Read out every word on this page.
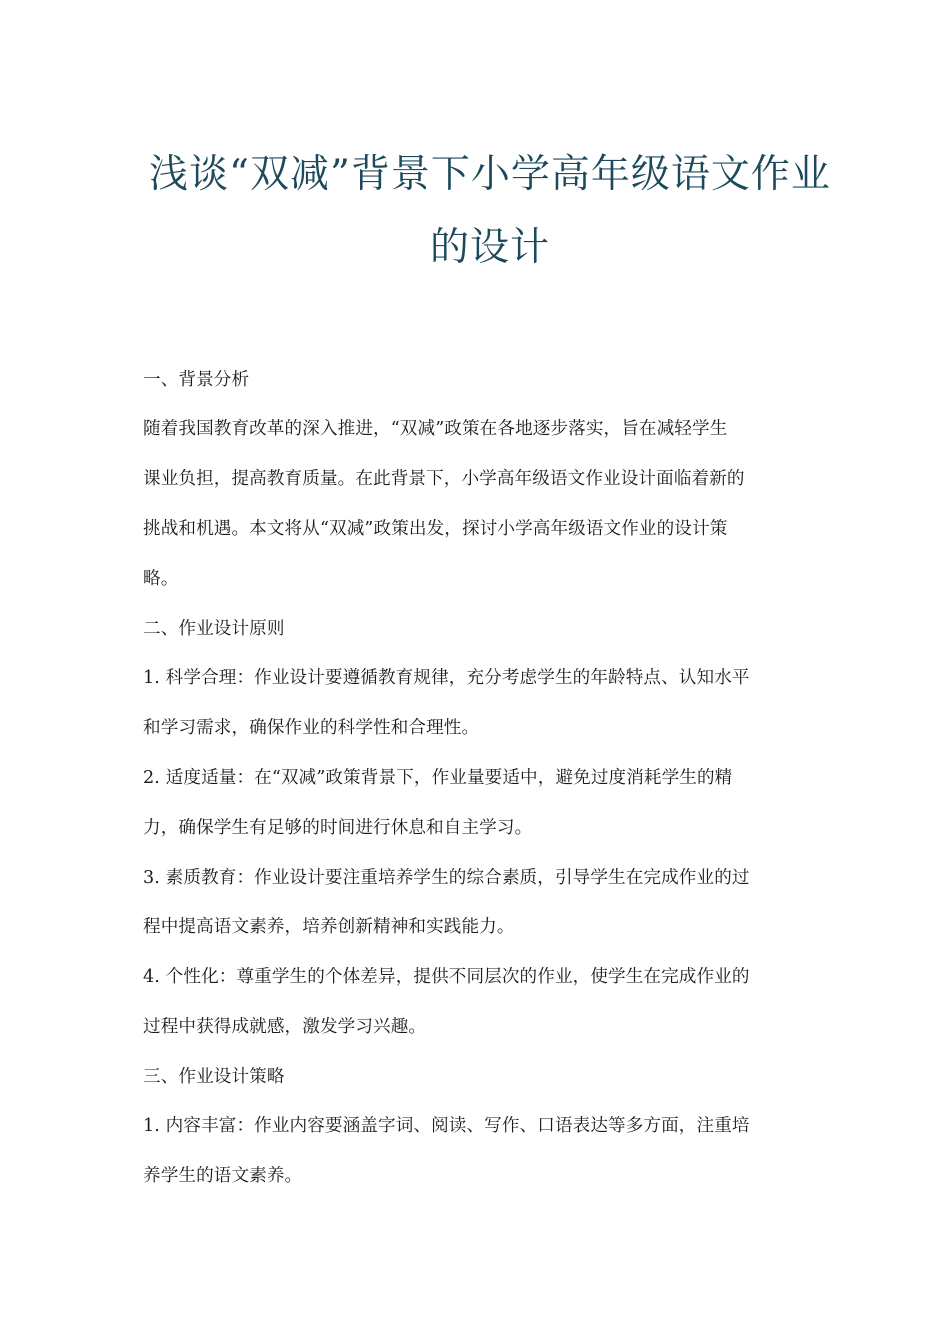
浅谈“双减”背景下小学高年级语文作业
的设计
一、背景分析
随着我国教育改革的深入推进，“双减”政策在各地逐步落实，旨在减轻学生
课业负担，提高教育质量。在此背景下，小学高年级语文作业设计面临着新的
挑战和机遇。本文将从“双减”政策出发，探讨小学高年级语文作业的设计策
略。
二、作业设计原则
1. 科学合理：作业设计要遵循教育规律，充分考虑学生的年龄特点、认知水平
和学习需求，确保作业的科学性和合理性。
2. 适度适量：在“双减”政策背景下，作业量要适中，避免过度消耗学生的精
力，确保学生有足够的时间进行休息和自主学习。
3. 素质教育：作业设计要注重培养学生的综合素质，引导学生在完成作业的过
程中提高语文素养，培养创新精神和实践能力。
4. 个性化：尊重学生的个体差异，提供不同层次的作业，使学生在完成作业的
过程中获得成就感，激发学习兴趣。
三、作业设计策略
1. 内容丰富：作业内容要涵盖字词、阅读、写作、口语表达等多方面，注重培
养学生的语文素养。
